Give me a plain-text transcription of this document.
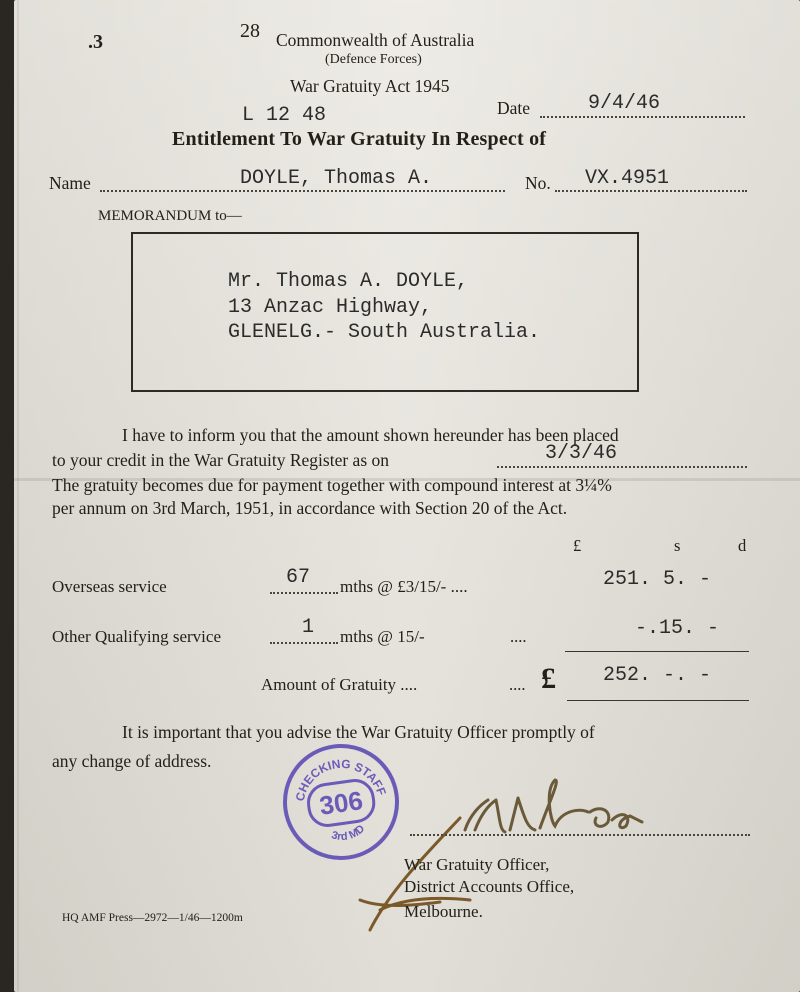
.3	28 Commonwealth of Australia
(Defence Forces)
War Gratuity Act 1945
L 12 48	Date	9/4/46
Entitlement To War Gratuity In Respect of
Name	DOYLE, Thomas A.	No. VX.4951
MEMORANDUM to—
Mr. Thomas A. DOYLE,
13 Anzac Highway,
GLENELG.- South Australia.
I have to inform you that the amount shown hereunder has been placed
to your credit in the War Gratuity Register as on	3/3/46
The gratuity becomes due for payment together with compound interest at 3¼%
per annum on 3rd March, 1951, in accordance with Section 20 of the Act.
£	s	d
Overseas service	67 mths @ £3/15/- ....	251. 5. -
Other Qualifying service	1 mths @ 15/-	....	-.15. -
Amount of Gratuity ....	.... £ 252. -. -
It is important that you advise the War Gratuity Officer promptly of
any change of address.
CHECKING STAFF
3rd MD
306
War Gratuity Officer,
District Accounts Office,
Melbourne.
HQ AMF Press—2972—1/46—1200m
